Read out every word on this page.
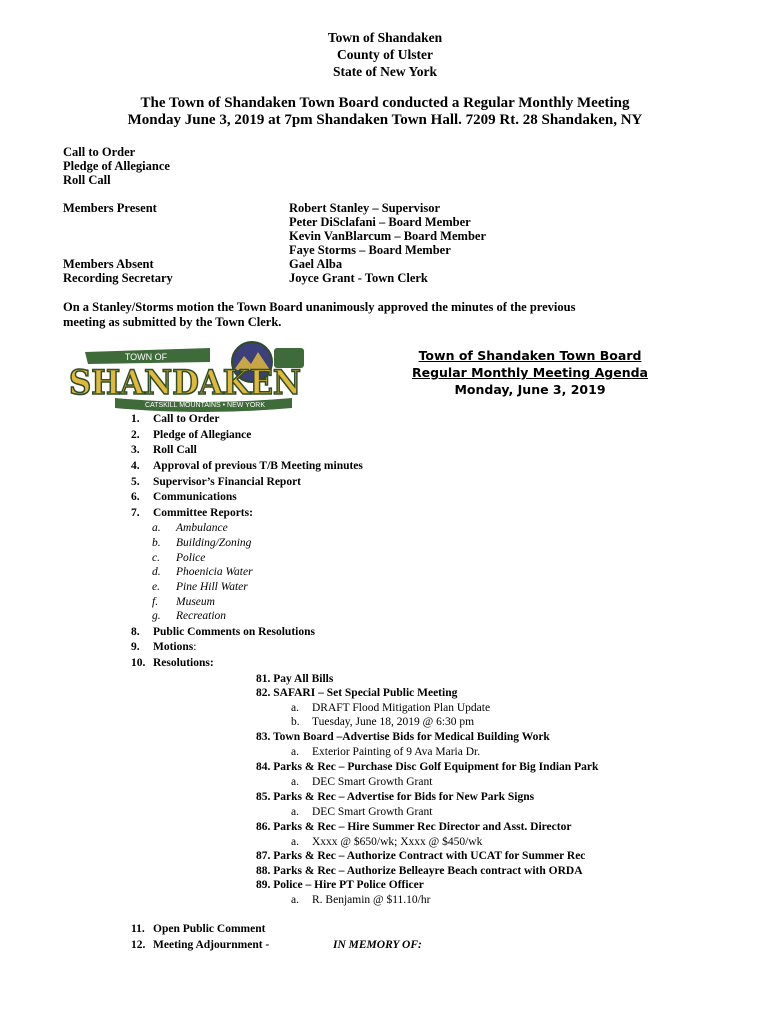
Town of Shandaken
County of Ulster
State of New York
The Town of Shandaken Town Board conducted a Regular Monthly Meeting
Monday June 3, 2019 at 7pm Shandaken Town Hall. 7209 Rt. 28 Shandaken, NY
Call to Order
Pledge of Allegiance
Roll Call
Members Present	Robert Stanley – Supervisor
Peter DiSclafani – Board Member
Kevin VanBlarcum – Board Member
Faye Storms – Board Member
Members Absent	Gael Alba
Recording Secretary	Joyce Grant - Town Clerk
On a Stanley/Storms motion the Town Board unanimously approved the minutes of the previous
meeting as submitted by the Town Clerk.
TOWN OF
SHANDAKEN
CATSKILL MOUNTAINS • NEW YORK
Town of Shandaken Town Board
Regular Monthly Meeting Agenda
Monday, June 3, 2019
1. Call to Order
2. Pledge of Allegiance
3. Roll Call
4. Approval of previous T/B Meeting minutes
5. Supervisor’s Financial Report
6. Communications
7. Committee Reports:
a. Ambulance
b. Building/Zoning
c. Police
d. Phoenicia Water
e. Pine Hill Water
f. Museum
g. Recreation
8. Public Comments on Resolutions
9. Motions:
10. Resolutions:
81. Pay All Bills
82. SAFARI – Set Special Public Meeting
a. DRAFT Flood Mitigation Plan Update
b. Tuesday, June 18, 2019 @ 6:30 pm
83. Town Board –Advertise Bids for Medical Building Work
a. Exterior Painting of 9 Ava Maria Dr.
84. Parks & Rec – Purchase Disc Golf Equipment for Big Indian Park
a. DEC Smart Growth Grant
85. Parks & Rec – Advertise for Bids for New Park Signs
a. DEC Smart Growth Grant
86. Parks & Rec – Hire Summer Rec Director and Asst. Director
a. Xxxx @ $650/wk; Xxxx @ $450/wk
87. Parks & Rec – Authorize Contract with UCAT for Summer Rec
88. Parks & Rec – Authorize Belleayre Beach contract with ORDA
89. Police – Hire PT Police Officer
a. R. Benjamin @ $11.10/hr
11. Open Public Comment
12. Meeting Adjournment -	IN MEMORY OF:
